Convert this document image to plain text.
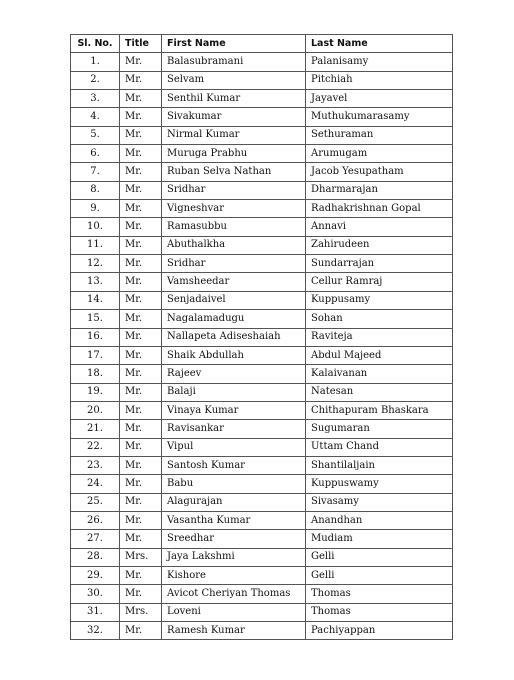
Sl. No.	Title	First Name	Last Name
1.	Mr.	Balasubramani	Palanisamy
2.	Mr.	Selvam	Pitchiah
3.	Mr.	Senthil Kumar	Jayavel
4.	Mr.	Sivakumar	Muthukumarasamy
5.	Mr.	Nirmal Kumar	Sethuraman
6.	Mr.	Muruga Prabhu	Arumugam
7.	Mr.	Ruban Selva Nathan	Jacob Yesupatham
8.	Mr.	Sridhar	Dharmarajan
9.	Mr.	Vigneshvar	Radhakrishnan Gopal
10.	Mr.	Ramasubbu	Annavi
11.	Mr.	Abuthalkha	Zahirudeen
12.	Mr.	Sridhar	Sundarrajan
13.	Mr.	Vamsheedar	Cellur Ramraj
14.	Mr.	Senjadaivel	Kuppusamy
15.	Mr.	Nagalamadugu	Sohan
16.	Mr.	Nallapeta Adiseshaiah	Raviteja
17.	Mr.	Shaik Abdullah	Abdul Majeed
18.	Mr.	Rajeev	Kalaivanan
19.	Mr.	Balaji	Natesan
20.	Mr.	Vinaya Kumar	Chithapuram Bhaskara
21.	Mr.	Ravisankar	Sugumaran
22.	Mr.	Vipul	Uttam Chand
23.	Mr.	Santosh Kumar	Shantilaljain
24.	Mr.	Babu	Kuppuswamy
25.	Mr.	Alagurajan	Sivasamy
26.	Mr.	Vasantha Kumar	Anandhan
27.	Mr.	Sreedhar	Mudiam
28.	Mrs.	Jaya Lakshmi	Gelli
29.	Mr.	Kishore	Gelli
30.	Mr.	Avicot Cheriyan Thomas	Thomas
31.	Mrs.	Loveni	Thomas
32.	Mr.	Ramesh Kumar	Pachiyappan
